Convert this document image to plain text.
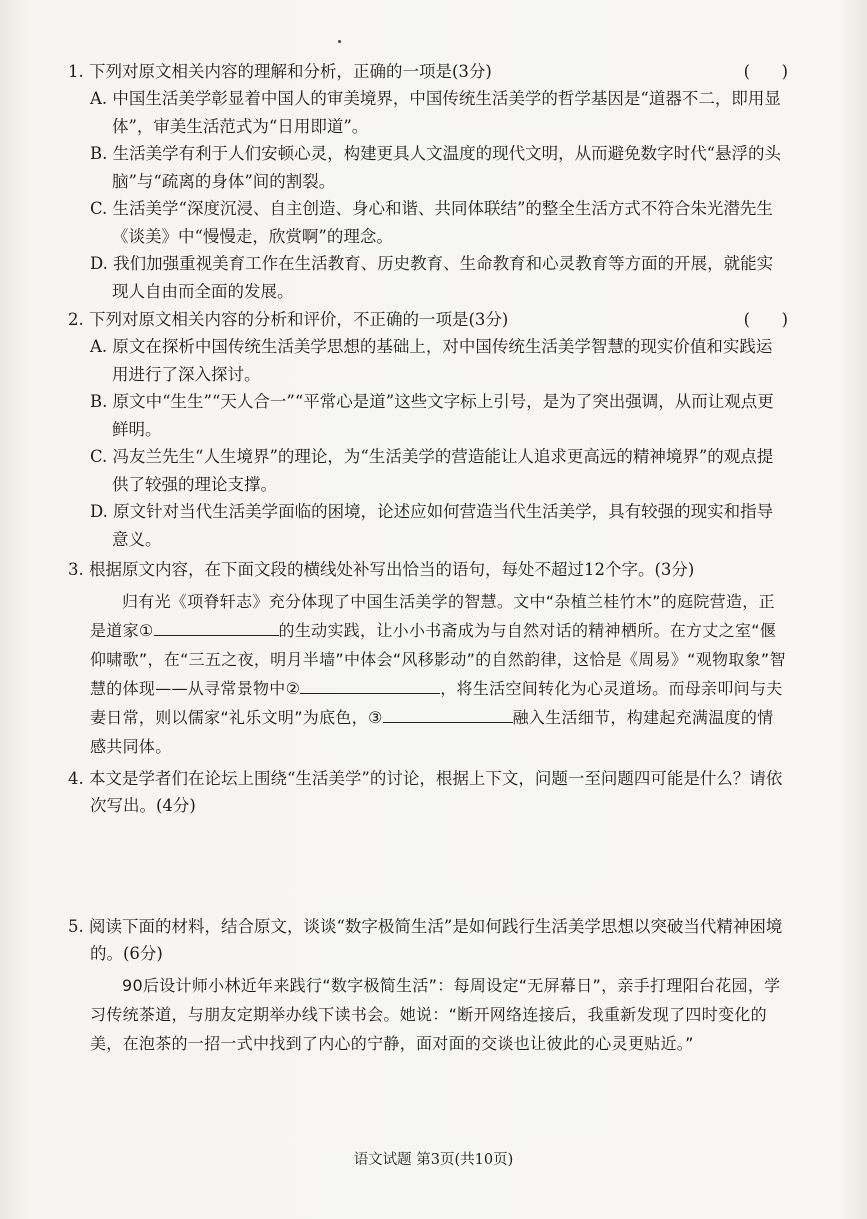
1. 下列对原文相关内容的理解和分析，正确的一项是(3分)	(      )
A. 中国生活美学彰显着中国人的审美境界，中国传统生活美学的哲学基因是“道器不二，即用显体”，审美生活范式为“日用即道”。
B. 生活美学有利于人们安顿心灵，构建更具人文温度的现代文明，从而避免数字时代“悬浮的头脑”与“疏离的身体”间的割裂。
C. 生活美学“深度沉浸、自主创造、身心和谐、共同体联结”的整全生活方式不符合朱光潜先生《谈美》中“慢慢走，欣赏啊”的理念。
D. 我们加强重视美育工作在生活教育、历史教育、生命教育和心灵教育等方面的开展，就能实现人自由而全面的发展。
2. 下列对原文相关内容的分析和评价，不正确的一项是(3分)	(      )
A. 原文在探析中国传统生活美学思想的基础上，对中国传统生活美学智慧的现实价值和实践运用进行了深入探讨。
B. 原文中“生生”“天人合一”“平常心是道”这些文字标上引号，是为了突出强调，从而让观点更鲜明。
C. 冯友兰先生“人生境界”的理论，为“生活美学的营造能让人追求更高远的精神境界”的观点提供了较强的理论支撑。
D. 原文针对当代生活美学面临的困境，论述应如何营造当代生活美学，具有较强的现实和指导意义。
3. 根据原文内容，在下面文段的横线处补写出恰当的语句，每处不超过12个字。(3分)
归有光《项脊轩志》充分体现了中国生活美学的智慧。文中“杂植兰桂竹木”的庭院营造，正是道家①	的生动实践，让小小书斋成为与自然对话的精神栖所。在方丈之室“偃仰啸歌”，在“三五之夜，明月半墙”中体会“风移影动”的自然韵律，这恰是《周易》“观物取象”智慧的体现——从寻常景物中②	，将生活空间转化为心灵道场。而母亲叩问与夫妻日常，则以儒家“礼乐文明”为底色，③	融入生活细节，构建起充满温度的情感共同体。
4. 本文是学者们在论坛上围绕“生活美学”的讨论，根据上下文，问题一至问题四可能是什么？请依次写出。(4分)
5. 阅读下面的材料，结合原文，谈谈“数字极简生活”是如何践行生活美学思想以突破当代精神困境的。(6分)
90后设计师小林近年来践行“数字极简生活”：每周设定“无屏幕日”，亲手打理阳台花园，学习传统茶道，与朋友定期举办线下读书会。她说：“断开网络连接后，我重新发现了四时变化的美，在泡茶的一招一式中找到了内心的宁静，面对面的交谈也让彼此的心灵更贴近。”
语文试题 第3页(共10页)
